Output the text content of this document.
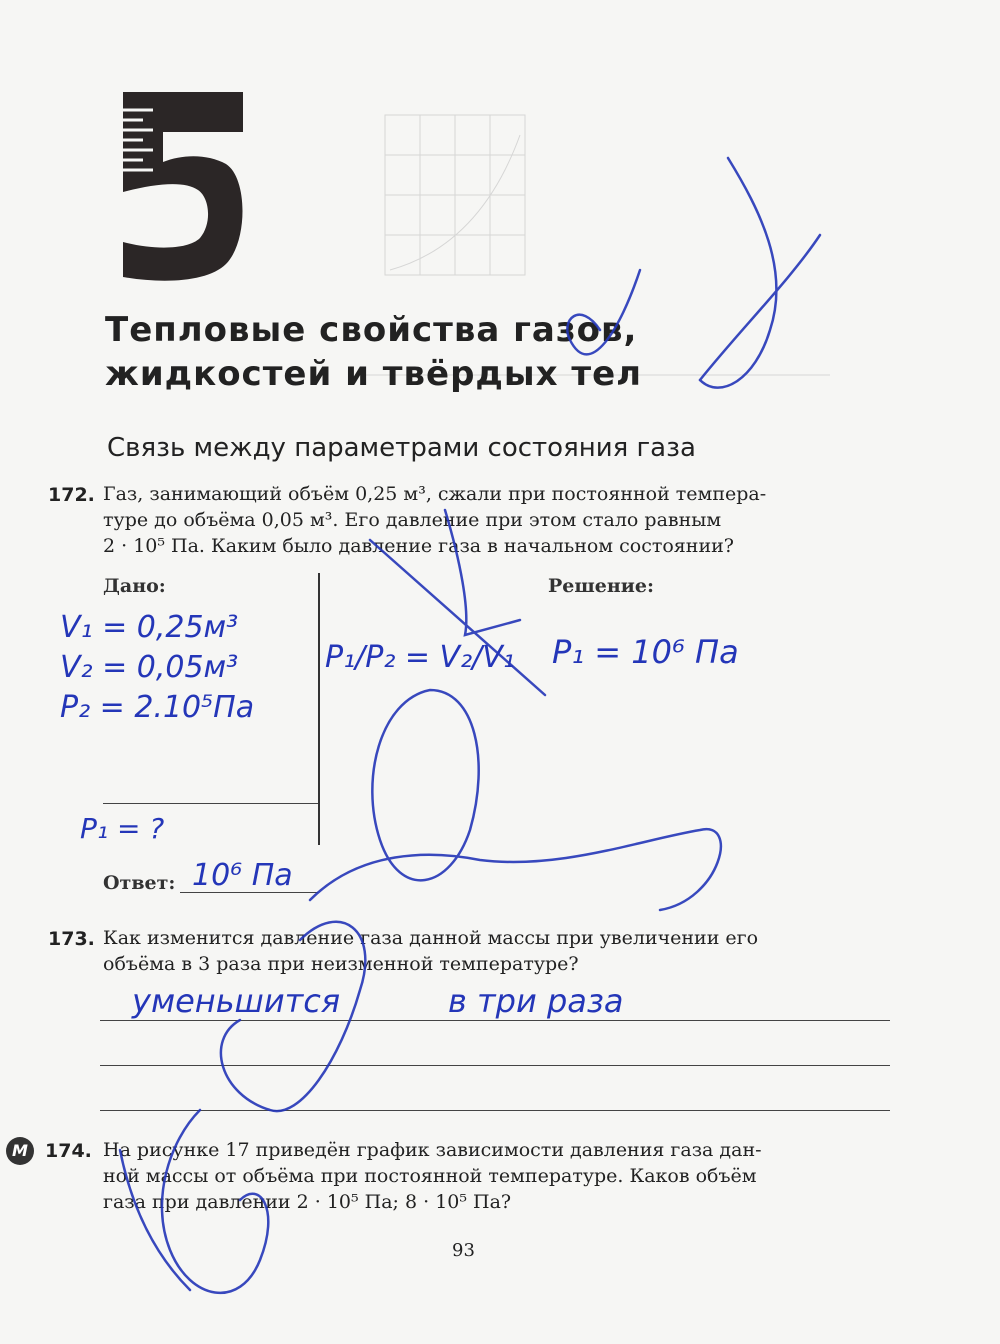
Тепловые свойства газов,
жидкостей и твёрдых тел
Связь между параметрами состояния газа
172. Газ, занимающий объём 0,25 м³, сжали при постоянной темпера-
туре до объёма 0,05 м³. Его давление при этом стало равным
2 · 10⁵ Па. Каким было давление газа в начальном состоянии?
Дано:	Решение:
V₁ = 0,25м³
V₂ = 0,05м³
P₂ = 2.10⁵Па
P₁ = ?
P₁/P₂ = V₂/V₁ P₁ = 10⁶ Па
Ответ: 10⁶ Па

173. Как изменится давление газа данной массы при увеличении его
объёма в 3 раза при неизменной температуре?
уменьшится	в три раза
М 174. На рисунке 17 приведён график зависимости давления газа дан-
ной массы от объёма при постоянной температуре. Каков объём
газа при давлении 2 · 10⁵ Па; 8 · 10⁵ Па?
93
